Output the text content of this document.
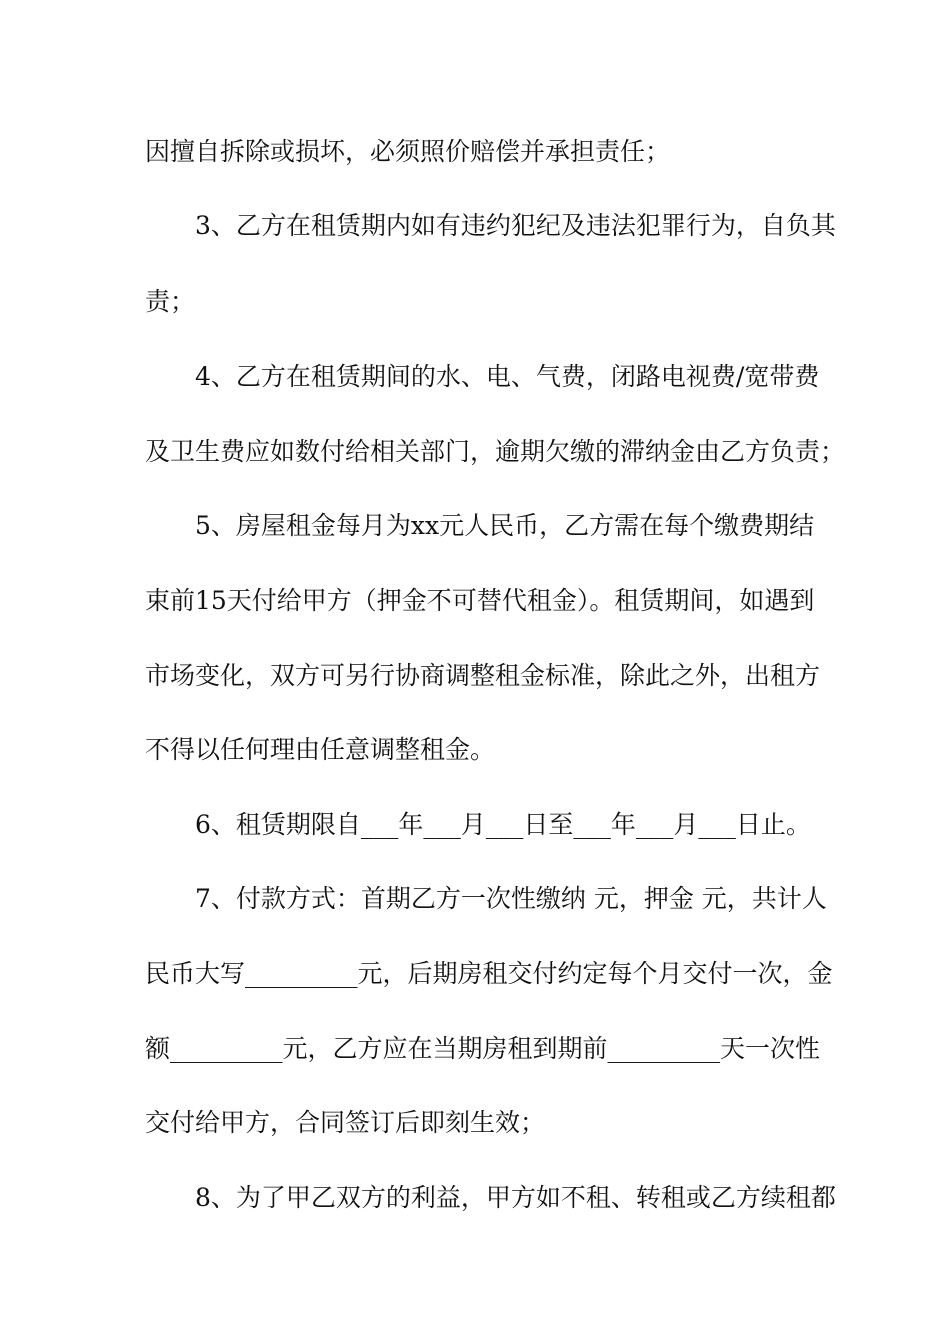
因擅自拆除或损坏，必须照价赔偿并承担责任；
　　3、乙方在租赁期内如有违约犯纪及违法犯罪行为，自负其
责；
　　4、乙方在租赁期间的水、电、气费，闭路电视费/宽带费
及卫生费应如数付给相关部门，逾期欠缴的滞纳金由乙方负责；
　　5、房屋租金每月为xx元人民币，乙方需在每个缴费期结
束前15天付给甲方（押金不可替代租金）。租赁期间，如遇到
市场变化，双方可另行协商调整租金标准，除此之外，出租方
不得以任何理由任意调整租金。
　　6、租赁期限自___年___月___日至___年___月___日止。
　　7、付款方式：首期乙方一次性缴纳 元，押金 元，共计人
民币大写_________元，后期房租交付约定每个月交付一次，金
额_________元，乙方应在当期房租到期前_________天一次性
交付给甲方，合同签订后即刻生效；
　　8、为了甲乙双方的利益，甲方如不租、转租或乙方续租都
